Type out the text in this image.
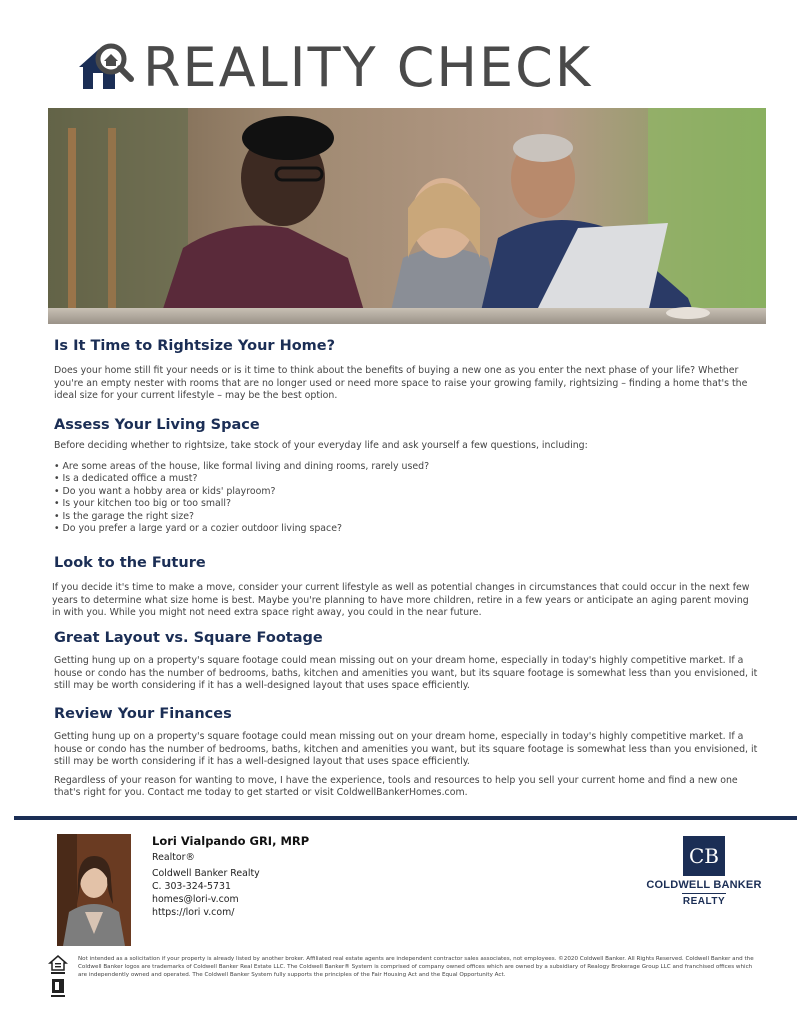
REALITY CHECK
Is It Time to Rightsize Your Home?

Does your home still fit your needs or is it time to think about the benefits of buying a new one as you enter the next phase of your life? Whether you're an empty nester with rooms that are no longer used or need more space to raise your growing family, rightsizing – finding a home that's the ideal size for your current lifestyle – may be the best option.

Assess Your Living Space

Before deciding whether to rightsize, take stock of your everyday life and ask yourself a few questions, including:

• Are some areas of the house, like formal living and dining rooms, rarely used?
• Is a dedicated office a must?
• Do you want a hobby area or kids' playroom?
• Is your kitchen too big or too small?
• Is the garage the right size?
• Do you prefer a large yard or a cozier outdoor living space?
Look to the Future

If you decide it's time to make a move, consider your current lifestyle as well as potential changes in circumstances that could occur in the next few years to determine what size home is best. Maybe you're planning to have more children, retire in a few years or anticipate an aging parent moving in with you. While you might not need extra space right away, you could in the near future.

Great Layout vs. Square Footage

Getting hung up on a property's square footage could mean missing out on your dream home, especially in today's highly competitive market. If a house or condo has the number of bedrooms, baths, kitchen and amenities you want, but its square footage is somewhat less than you envisioned, it still may be worth considering if it has a well-designed layout that uses space efficiently.

Review Your Finances

Getting hung up on a property's square footage could mean missing out on your dream home, especially in today's highly competitive market. If a house or condo has the number of bedrooms, baths, kitchen and amenities you want, but its square footage is somewhat less than you envisioned, it still may be worth considering if it has a well-designed layout that uses space efficiently.

Regardless of your reason for wanting to move, I have the experience, tools and resources to help you sell your current home and find a new one that's right for you. Contact me today to get started or visit ColdwellBankerHomes.com.

Lori Vialpando GRI, MRP
Realtor®
Coldwell Banker Realty
C. 303-324-5731
homes@lori-v.com
https://lori v.com/
CB
COLDWELL BANKER
REALTY
Not intended as a solicitation if your property is already listed by another broker. Affiliated real estate agents are independent contractor sales associates, not employees. ©2020 Coldwell Banker. All Rights Reserved. Coldwell Banker and the Coldwell Banker logos are trademarks of Coldwell Banker Real Estate LLC. The Coldwell Banker® System is comprised of company owned offices which are owned by a subsidiary of Realogy Brokerage Group LLC and franchised offices which are independently owned and operated. The Coldwell Banker System fully supports the principles of the Fair Housing Act and the Equal Opportunity Act.
